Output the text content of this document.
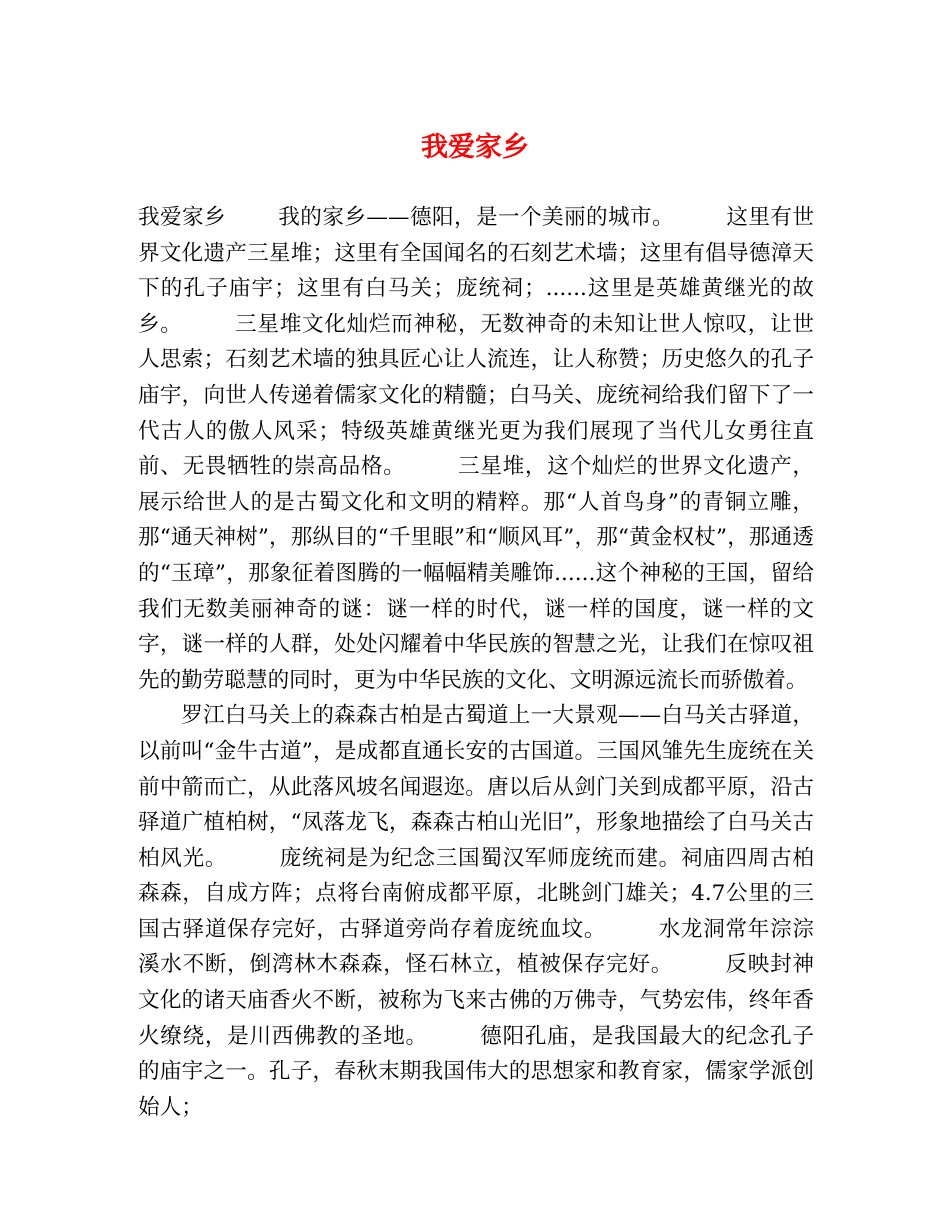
我爱家乡

我爱家乡 我的家乡——德阳，是一个美丽的城市。 这里有世界文化遗产三星堆；这里有全国闻名的石刻艺术墙；这里有倡导德漳天下的孔子庙宇；这里有白马关；庞统祠；......这里是英雄黄继光的故乡。 三星堆文化灿烂而神秘，无数神奇的未知让世人惊叹，让世人思索；石刻艺术墙的独具匠心让人流连，让人称赞；历史悠久的孔子庙宇，向世人传递着儒家文化的精髓；白马关、庞统祠给我们留下了一代古人的傲人风采；特级英雄黄继光更为我们展现了当代儿女勇往直前、无畏牺牲的崇高品格。 三星堆，这个灿烂的世界文化遗产，展示给世人的是古蜀文化和文明的精粹。那“人首鸟身”的青铜立雕，那“通天神树”，那纵目的“千里眼”和“顺风耳”，那“黄金权杖”，那通透的“玉璋”，那象征着图腾的一幅幅精美雕饰......这个神秘的王国，留给我们无数美丽神奇的谜：谜一样的时代，谜一样的国度，谜一样的文字，谜一样的人群，处处闪耀着中华民族的智慧之光，让我们在惊叹祖先的勤劳聪慧的同时，更为中华民族的文化、文明源远流长而骄傲着。

罗江白马关上的森森古柏是古蜀道上一大景观——白马关古驿道，以前叫“金牛古道”，是成都直通长安的古国道。三国风雏先生庞统在关前中箭而亡，从此落风坡名闻遐迩。唐以后从剑门关到成都平原，沿古驿道广植柏树，“凤落龙飞，森森古柏山光旧”，形象地描绘了白马关古柏风光。 庞统祠是为纪念三国蜀汉军师庞统而建。祠庙四周古柏森森，自成方阵；点将台南俯成都平原，北眺剑门雄关；4.7公里的三国古驿道保存完好，古驿道旁尚存着庞统血坟。 水龙洞常年淙淙溪水不断，倒湾林木森森，怪石林立，植被保存完好。 反映封神文化的诸天庙香火不断，被称为飞来古佛的万佛寺，气势宏伟，终年香火缭绕，是川西佛教的圣地。 德阳孔庙，是我国最大的纪念孔子的庙宇之一。孔子，春秋末期我国伟大的思想家和教育家，儒家学派创始人；
